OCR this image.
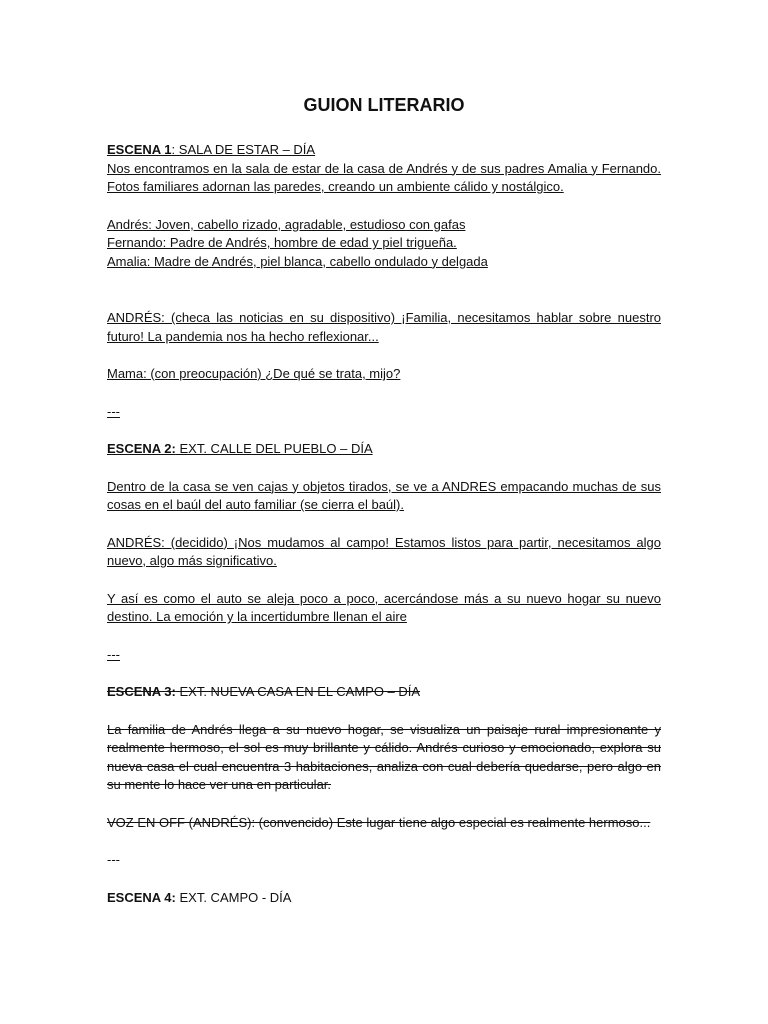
GUION LITERARIO

ESCENA 1: SALA DE ESTAR – DÍA

Nos encontramos en la sala de estar de la casa de Andrés y de sus padres Amalia y Fernando. Fotos familiares adornan las paredes, creando un ambiente cálido y nostálgico.

Andrés: Joven, cabello rizado, agradable, estudioso con gafas

Fernando: Padre de Andrés, hombre de edad y piel trigueña.

Amalia: Madre de Andrés, piel blanca, cabello ondulado y delgada

ANDRÉS: (checa las noticias en su dispositivo) ¡Familia, necesitamos hablar sobre nuestro futuro! La pandemia nos ha hecho reflexionar...

Mama: (con preocupación) ¿De qué se trata, mijo?

---

ESCENA 2: EXT. CALLE DEL PUEBLO – DÍA

Dentro de la casa se ven cajas y objetos tirados, se ve a ANDRES empacando muchas de sus cosas en el baúl del auto familiar (se cierra el baúl).

ANDRÉS: (decidido) ¡Nos mudamos al campo! Estamos listos para partir, necesitamos algo nuevo, algo más significativo.

Y así es como el auto se aleja poco a poco, acercándose más a su nuevo hogar su nuevo destino. La emoción y la incertidumbre llenan el aire

---

ESCENA 3: EXT. NUEVA CASA EN EL CAMPO – DÍA

La familia de Andrés llega a su nuevo hogar, se visualiza un paisaje rural impresionante y realmente hermoso, el sol es muy brillante y cálido. Andrés curioso y emocionado, explora su nueva casa el cual encuentra 3 habitaciones, analiza con cual debería quedarse, pero algo en su mente lo hace ver una en particular.

VOZ EN OFF (ANDRÉS): (convencido) Este lugar tiene algo especial es realmente hermoso...

---

ESCENA 4: EXT. CAMPO - DÍA
